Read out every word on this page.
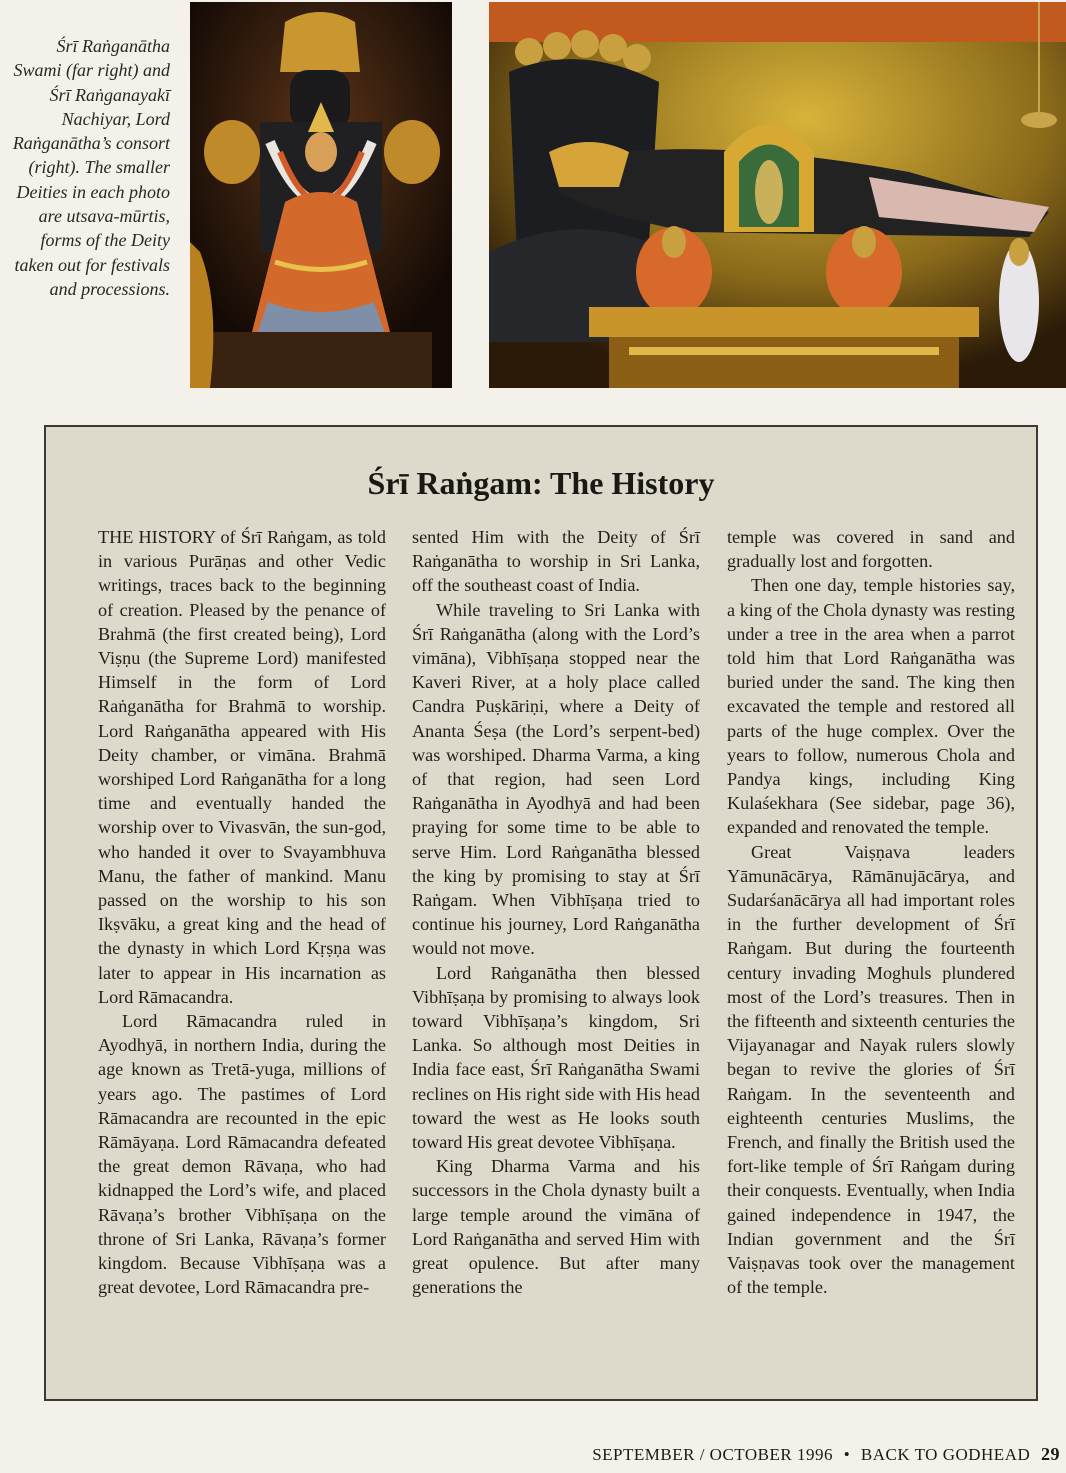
Śrī Raṅganātha Swami (far right) and Śrī Raṅganayakī Nachiyar, Lord Raṅganātha’s consort (right). The smaller Deities in each photo are utsava-mūrtis, forms of the Deity taken out for festivals and processions.
Śrī Raṅgam: The History

THE HISTORY of Śrī Raṅgam, as told in various Purāṇas and other Vedic writings, traces back to the beginning of creation. Pleased by the penance of Brahmā (the first created being), Lord Viṣṇu (the Supreme Lord) manifested Himself in the form of Lord Raṅganātha for Brahmā to worship. Lord Raṅganātha appeared with His Deity chamber, or vimāna. Brahmā worshiped Lord Raṅganātha for a long time and eventually handed the worship over to Vivasvān, the sun-god, who handed it over to Svayambhuva Manu, the father of mankind. Manu passed on the worship to his son Ikṣvāku, a great king and the head of the dynasty in which Lord Kṛṣṇa was later to appear in His incarnation as Lord Rāmacandra.

Lord Rāmacandra ruled in Ayodhyā, in northern India, during the age known as Tretā-yuga, millions of years ago. The pastimes of Lord Rāmacandra are recounted in the epic Rāmāyaṇa. Lord Rāmacandra defeated the great demon Rāvaṇa, who had kidnapped the Lord’s wife, and placed Rāvaṇa’s brother Vibhīṣaṇa on the throne of Sri Lanka, Rāvaṇa’s former kingdom. Because Vibhīṣaṇa was a great devotee, Lord Rāmacandra pre-

sented Him with the Deity of Śrī Raṅganātha to worship in Sri Lanka, off the southeast coast of India.

While traveling to Sri Lanka with Śrī Raṅganātha (along with the Lord’s vimāna), Vibhīṣaṇa stopped near the Kaveri River, at a holy place called Candra Puṣkāriṇi, where a Deity of Ananta Śeṣa (the Lord’s serpent-bed) was worshiped. Dharma Varma, a king of that region, had seen Lord Raṅganātha in Ayodhyā and had been praying for some time to be able to serve Him. Lord Raṅganātha blessed the king by promising to stay at Śrī Raṅgam. When Vibhīṣaṇa tried to continue his journey, Lord Raṅganātha would not move.

Lord Raṅganātha then blessed Vibhīṣaṇa by promising to always look toward Vibhīṣaṇa’s kingdom, Sri Lanka. So although most Deities in India face east, Śrī Raṅganātha Swami reclines on His right side with His head toward the west as He looks south toward His great devotee Vibhīṣaṇa.

King Dharma Varma and his successors in the Chola dynasty built a large temple around the vimāna of Lord Raṅganātha and served Him with great opulence. But after many generations the

temple was covered in sand and gradually lost and forgotten.

Then one day, temple histories say, a king of the Chola dynasty was resting under a tree in the area when a parrot told him that Lord Raṅganātha was buried under the sand. The king then excavated the temple and restored all parts of the huge complex. Over the years to follow, numerous Chola and Pandya kings, including King Kulaśekhara (See sidebar, page 36), expanded and renovated the temple.

Great Vaiṣṇava leaders Yāmunācārya, Rāmānujācārya, and Sudarśanācārya all had important roles in the further development of Śrī Raṅgam. But during the fourteenth century invading Moghuls plundered most of the Lord’s treasures. Then in the fifteenth and sixteenth centuries the Vijayanagar and Nayak rulers slowly began to revive the glories of Śrī Raṅgam. In the seventeenth and eighteenth centuries Muslims, the French, and finally the British used the fort-like temple of Śrī Raṅgam during their conquests. Eventually, when India gained independence in 1947, the Indian government and the Śrī Vaiṣṇavas took over the management of the temple.

SEPTEMBER / OCTOBER 1996 • BACK TO GODHEAD 29
